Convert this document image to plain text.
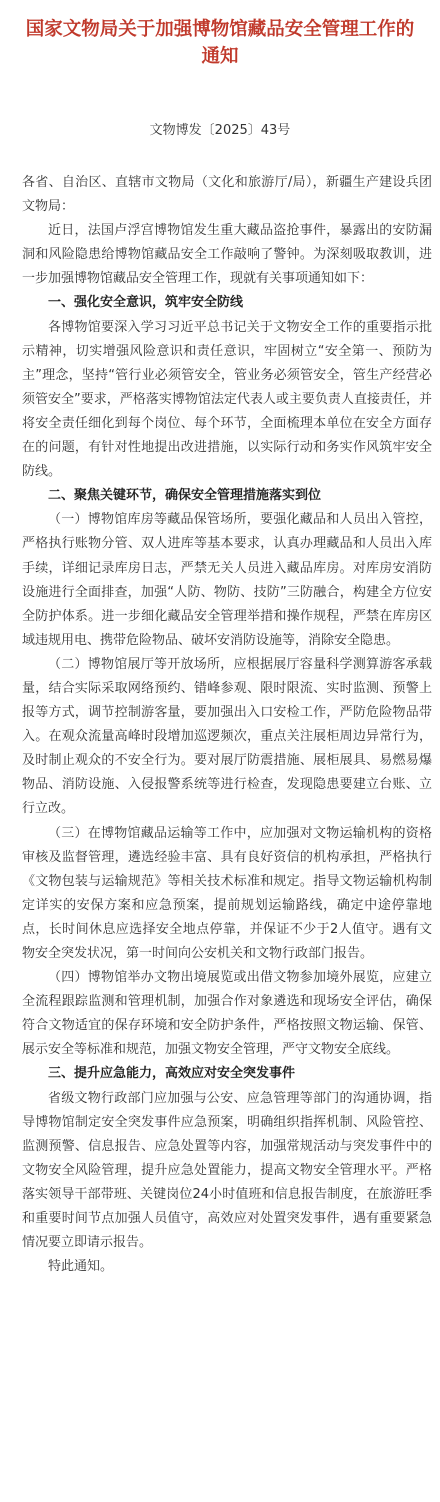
国家文物局关于加强博物馆藏品安全管理工作的
通知
文物博发〔2025〕43号

各省、自治区、直辖市文物局（文化和旅游厅/局），新疆生产建设兵团文物局：

近日，法国卢浮宫博物馆发生重大藏品盗抢事件，暴露出的安防漏洞和风险隐患给博物馆藏品安全工作敲响了警钟。为深刻吸取教训，进一步加强博物馆藏品安全管理工作，现就有关事项通知如下：

一、强化安全意识，筑牢安全防线

各博物馆要深入学习习近平总书记关于文物安全工作的重要指示批示精神，切实增强风险意识和责任意识，牢固树立“安全第一、预防为主”理念，坚持“管行业必须管安全，管业务必须管安全，管生产经营必须管安全”要求，严格落实博物馆法定代表人或主要负责人直接责任，并将安全责任细化到每个岗位、每个环节，全面梳理本单位在安全方面存在的问题，有针对性地提出改进措施，以实际行动和务实作风筑牢安全防线。

二、聚焦关键环节，确保安全管理措施落实到位

（一）博物馆库房等藏品保管场所，要强化藏品和人员出入管控，严格执行账物分管、双人进库等基本要求，认真办理藏品和人员出入库手续，详细记录库房日志，严禁无关人员进入藏品库房。对库房安消防设施进行全面排查，加强“人防、物防、技防”三防融合，构建全方位安全防护体系。进一步细化藏品安全管理举措和操作规程，严禁在库房区域违规用电、携带危险物品、破坏安消防设施等，消除安全隐患。

（二）博物馆展厅等开放场所，应根据展厅容量科学测算游客承载量，结合实际采取网络预约、错峰参观、限时限流、实时监测、预警上报等方式，调节控制游客量，要加强出入口安检工作，严防危险物品带入。在观众流量高峰时段增加巡逻频次，重点关注展柜周边异常行为，及时制止观众的不安全行为。要对展厅防震措施、展柜展具、易燃易爆物品、消防设施、入侵报警系统等进行检查，发现隐患要建立台账、立行立改。

（三）在博物馆藏品运输等工作中，应加强对文物运输机构的资格审核及监督管理，遴选经验丰富、具有良好资信的机构承担，严格执行《文物包装与运输规范》等相关技术标准和规定。指导文物运输机构制定详实的安保方案和应急预案，提前规划运输路线，确定中途停靠地点，长时间休息应选择安全地点停靠，并保证不少于2人值守。遇有文物安全突发状况，第一时间向公安机关和文物行政部门报告。

（四）博物馆举办文物出境展览或出借文物参加境外展览，应建立全流程跟踪监测和管理机制，加强合作对象遴选和现场安全评估，确保符合文物适宜的保存环境和安全防护条件，严格按照文物运输、保管、展示安全等标准和规范，加强文物安全管理，严守文物安全底线。

三、提升应急能力，高效应对安全突发事件

省级文物行政部门应加强与公安、应急管理等部门的沟通协调，指导博物馆制定安全突发事件应急预案，明确组织指挥机制、风险管控、监测预警、信息报告、应急处置等内容，加强常规活动与突发事件中的文物安全风险管理，提升应急处置能力，提高文物安全管理水平。严格落实领导干部带班、关键岗位24小时值班和信息报告制度，在旅游旺季和重要时间节点加强人员值守，高效应对处置突发事件，遇有重要紧急情况要立即请示报告。

特此通知。
